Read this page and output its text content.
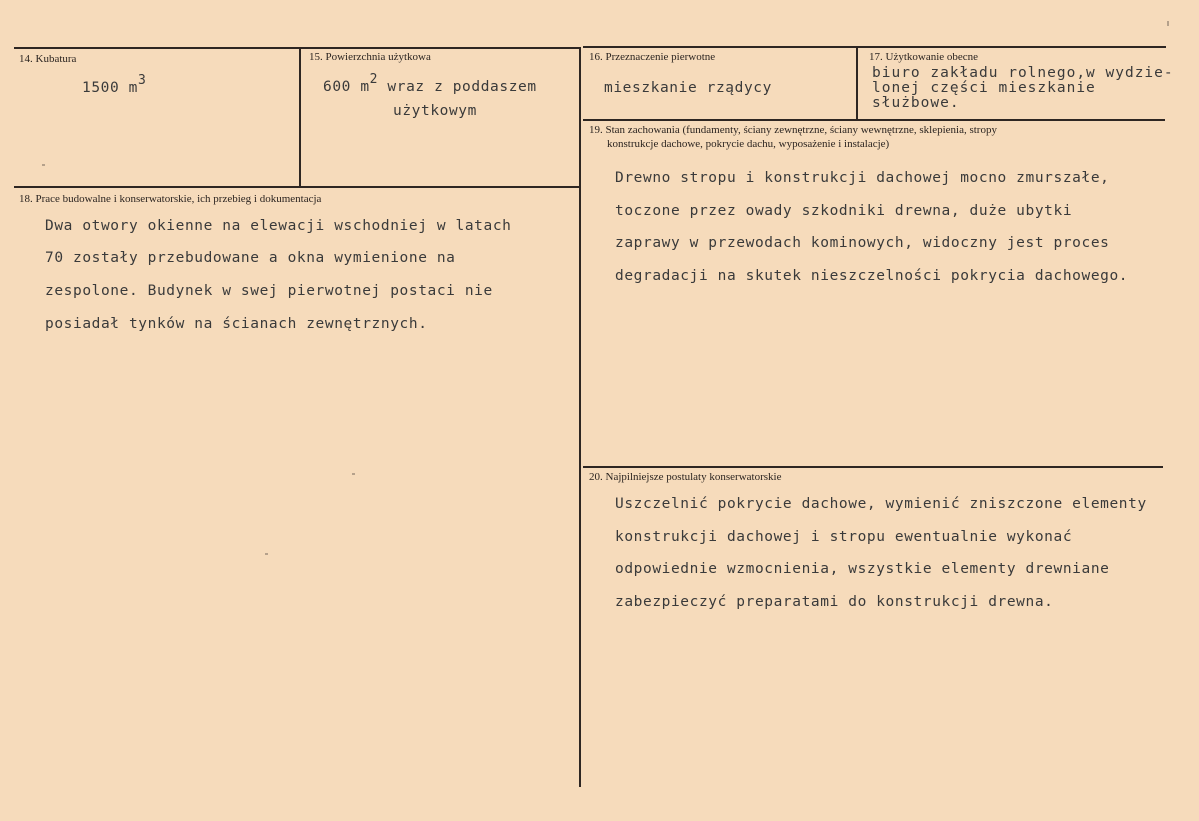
14. Kubatura
1500 m3
15. Powierzchnia użytkowa
600 m2 wraz z poddaszem
użytkowym
16. Przeznaczenie pierwotne
mieszkanie rządycy
17. Użytkowanie obecne
biuro zakładu rolnego,w wydzie-
lonej części mieszkanie
służbowe.
18. Prace budowalne i konserwatorskie, ich przebieg i dokumentacja
Dwa otwory okienne na elewacji wschodniej w latach
70 zostały przebudowane a okna wymienione na
zespolone. Budynek w swej pierwotnej postaci nie
posiadał tynków na ścianach zewnętrznych.
19. Stan zachowania (fundamenty, ściany zewnętrzne, ściany wewnętrzne, sklepienia, stropy
konstrukcje dachowe, pokrycie dachu, wyposażenie i instalacje)
Drewno stropu i konstrukcji dachowej mocno zmurszałe,
toczone przez owady szkodniki drewna, duże ubytki
zaprawy w przewodach kominowych, widoczny jest proces
degradacji na skutek nieszczelności pokrycia dachowego.
20. Najpilniejsze postulaty konserwatorskie
Uszczelnić pokrycie dachowe, wymienić zniszczone elementy
konstrukcji dachowej i stropu ewentualnie wykonać
odpowiednie wzmocnienia, wszystkie elementy drewniane
zabezpieczyć preparatami do konstrukcji drewna.
